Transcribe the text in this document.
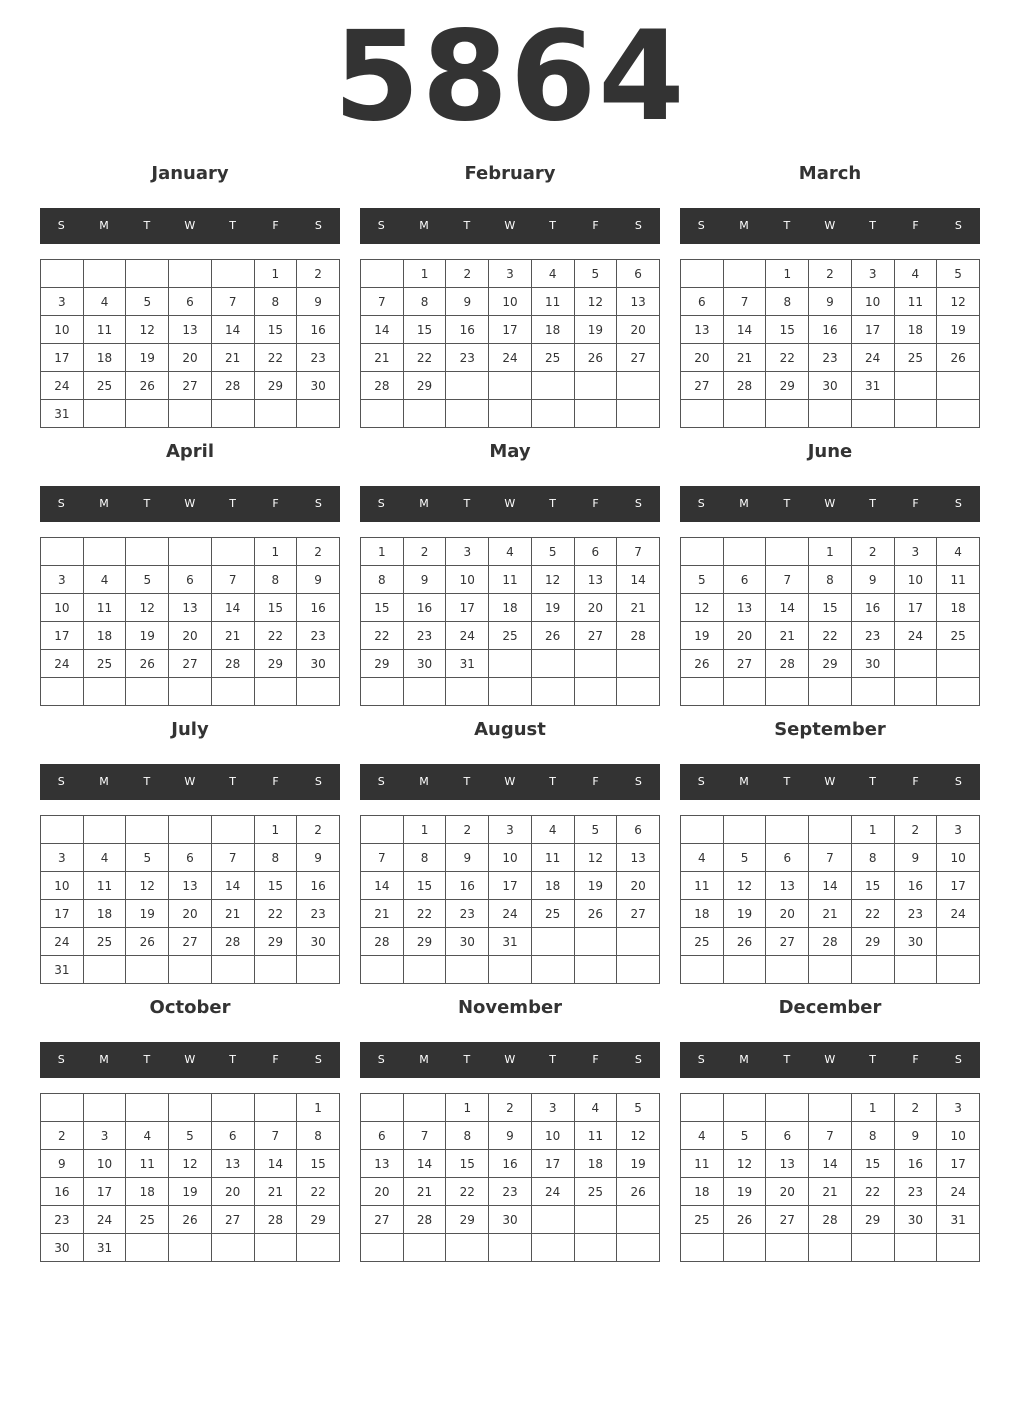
5864
January
S	M	T	W	T	F	S
					1	2
3	4	5	6	7	8	9
10	11	12	13	14	15	16
17	18	19	20	21	22	23
24	25	26	27	28	29	30
31						
February
S	M	T	W	T	F	S
	1	2	3	4	5	6
7	8	9	10	11	12	13
14	15	16	17	18	19	20
21	22	23	24	25	26	27
28	29					

March
S	M	T	W	T	F	S
		1	2	3	4	5
6	7	8	9	10	11	12
13	14	15	16	17	18	19
20	21	22	23	24	25	26
27	28	29	30	31		

April
S	M	T	W	T	F	S
					1	2
3	4	5	6	7	8	9
10	11	12	13	14	15	16
17	18	19	20	21	22	23
24	25	26	27	28	29	30

May
S	M	T	W	T	F	S
1	2	3	4	5	6	7
8	9	10	11	12	13	14
15	16	17	18	19	20	21
22	23	24	25	26	27	28
29	30	31				

June
S	M	T	W	T	F	S
			1	2	3	4
5	6	7	8	9	10	11
12	13	14	15	16	17	18
19	20	21	22	23	24	25
26	27	28	29	30		

July
S	M	T	W	T	F	S
					1	2
3	4	5	6	7	8	9
10	11	12	13	14	15	16
17	18	19	20	21	22	23
24	25	26	27	28	29	30
31						
August
S	M	T	W	T	F	S
	1	2	3	4	5	6
7	8	9	10	11	12	13
14	15	16	17	18	19	20
21	22	23	24	25	26	27
28	29	30	31			

September
S	M	T	W	T	F	S
				1	2	3
4	5	6	7	8	9	10
11	12	13	14	15	16	17
18	19	20	21	22	23	24
25	26	27	28	29	30	

October
S	M	T	W	T	F	S
						1
2	3	4	5	6	7	8
9	10	11	12	13	14	15
16	17	18	19	20	21	22
23	24	25	26	27	28	29
30	31					
November
S	M	T	W	T	F	S
		1	2	3	4	5
6	7	8	9	10	11	12
13	14	15	16	17	18	19
20	21	22	23	24	25	26
27	28	29	30			

December
S	M	T	W	T	F	S
				1	2	3
4	5	6	7	8	9	10
11	12	13	14	15	16	17
18	19	20	21	22	23	24
25	26	27	28	29	30	31
